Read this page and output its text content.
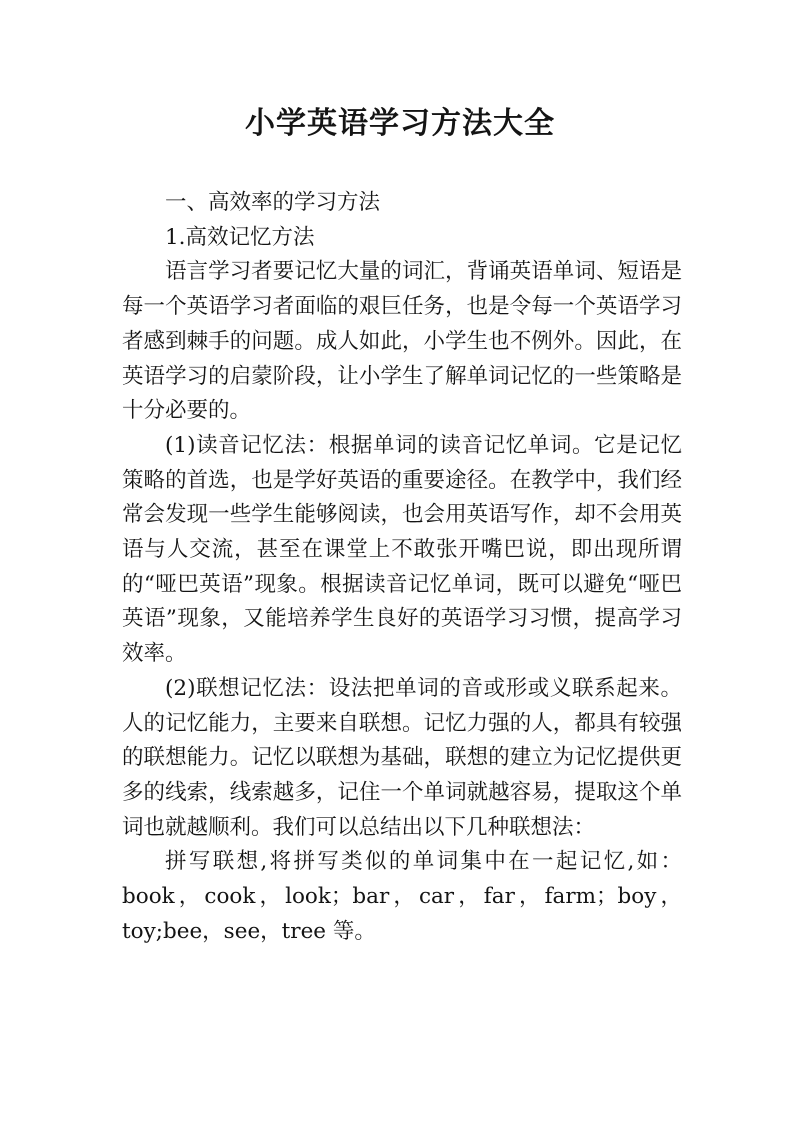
小学英语学习方法大全

一、高效率的学习方法

1.高效记忆方法

语言学习者要记忆大量的词汇，背诵英语单词、短语是每一个英语学习者面临的艰巨任务，也是令每一个英语学习者感到棘手的问题。成人如此，小学生也不例外。因此，在英语学习的启蒙阶段，让小学生了解单词记忆的一些策略是十分必要的。

(1)读音记忆法：根据单词的读音记忆单词。它是记忆策略的首选，也是学好英语的重要途径。在教学中，我们经常会发现一些学生能够阅读，也会用英语写作，却不会用英语与人交流，甚至在课堂上不敢张开嘴巴说，即出现所谓的“哑巴英语”现象。根据读音记忆单词，既可以避免“哑巴英语”现象，又能培养学生良好的英语学习习惯，提高学习效率。

(2)联想记忆法：设法把单词的音或形或义联系起来。人的记忆能力，主要来自联想。记忆力强的人，都具有较强的联想能力。记忆以联想为基础，联想的建立为记忆提供更多的线索，线索越多，记住一个单词就越容易，提取这个单词也就越顺利。我们可以总结出以下几种联想法：

拼写联想,将拼写类似的单词集中在一起记忆,如：book，cook，look；bar，car，far，farm；boy，toy;bee，see，tree 等。
